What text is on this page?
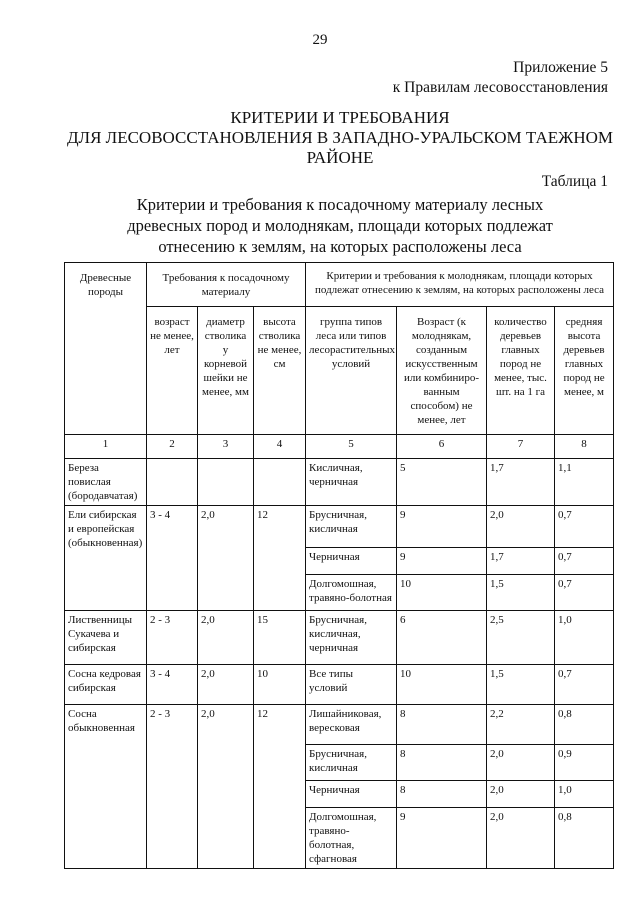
29
Приложение 5
к Правилам лесовосстановления
КРИТЕРИИ И ТРЕБОВАНИЯ
ДЛЯ ЛЕСОВОССТАНОВЛЕНИЯ В ЗАПАДНО-УРАЛЬСКОМ ТАЕЖНОМ
РАЙОНЕ
Таблица 1
Критерии и требования к посадочному материалу лесных
древесных пород и молоднякам, площади которых подлежат
отнесению к землям, на которых расположены леса
Древесные породы	Требования к посадочному материалу			Критерии и требования к молоднякам, площади которых подлежат отнесению к землям, на которых расположены леса			
	возраст не менее, лет	диаметр стволика у корневой шейки не менее, мм	высота стволика не менее, см	группа типов леса или типов лесорастительных условий	Возраст (к молоднякам, созданным искусственным или комбиниро-ванным способом) не менее, лет	количество деревьев главных пород не менее, тыс. шт. на 1 га	средняя высота деревьев главных пород не менее, м
1	2	3	4	5	6	7	8
Береза повислая (бородавчатая)				Кисличная, черничная	5	1,7	1,1
Ели сибирская и европейская (обыкновенная)	3 - 4	2,0	12	Брусничная, кисличная	9	2,0	0,7
				Черничная	9	1,7	0,7
				Долгомошная, травяно-болотная	10	1,5	0,7
Лиственницы Сукачева и сибирская	2 - 3	2,0	15	Брусничная, кисличная, черничная	6	2,5	1,0
Сосна кедровая сибирская	3 - 4	2,0	10	Все типы условий	10	1,5	0,7
Сосна обыкновенная	2 - 3	2,0	12	Лишайниковая, вересковая	8	2,2	0,8
				Брусничная, кисличная	8	2,0	0,9
				Черничная	8	2,0	1,0
				Долгомошная, травяно-болотная, сфагновая	9	2,0	0,8
